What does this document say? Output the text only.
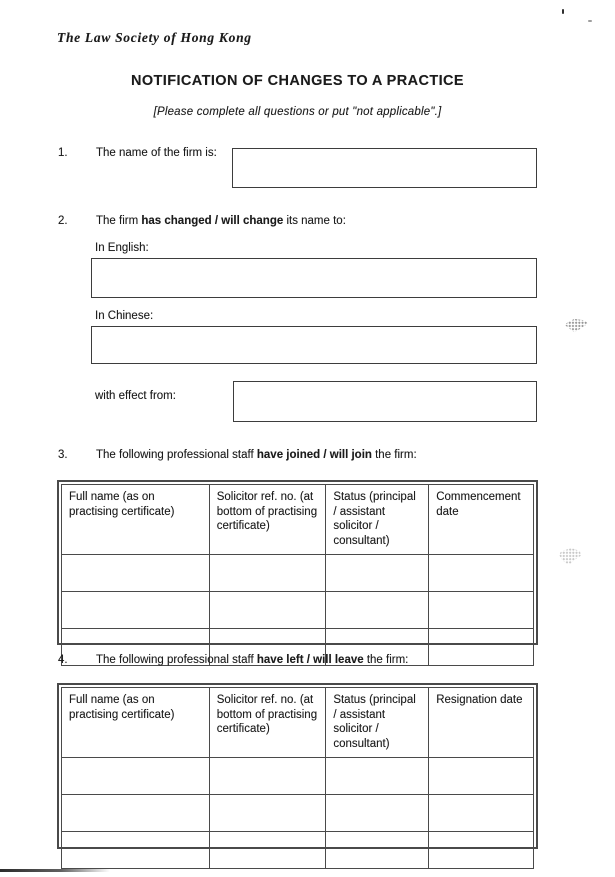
The Law Society of Hong Kong
NOTIFICATION OF CHANGES TO A PRACTICE
[Please complete all questions or put "not applicable".]
1. The name of the firm is:
2. The firm has changed / will change its name to:
In English:
In Chinese:
with effect from:
3. The following professional staff have joined / will join the firm:
Full name (as on practising certificate)	Solicitor ref. no. (at bottom of practising certificate)	Status (principal / assistant solicitor / consultant)	Commencement date

4. The following professional staff have left / will leave the firm:
Full name (as on practising certificate)	Solicitor ref. no. (at bottom of practising certificate)	Status (principal / assistant solicitor / consultant)	Resignation date
